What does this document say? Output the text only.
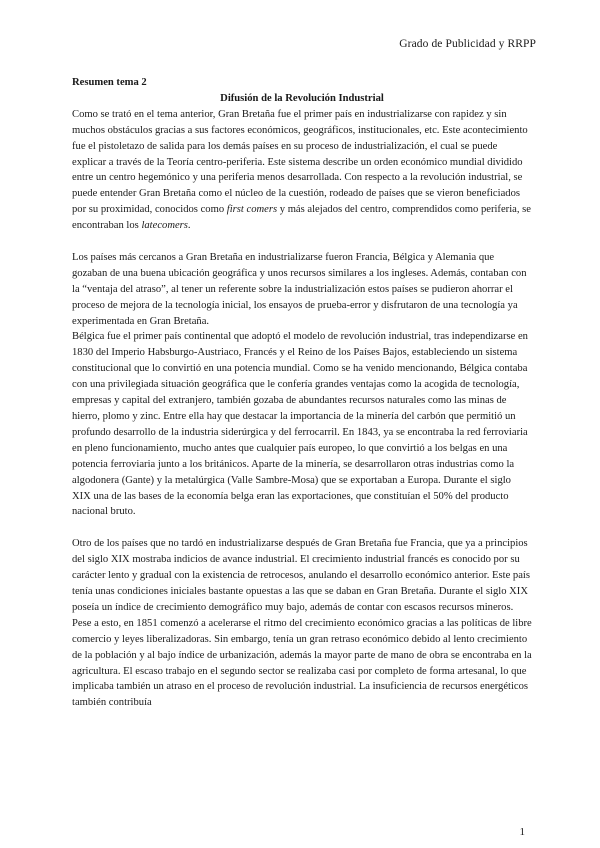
Grado de Publicidad y RRPP

Resumen tema 2

Difusión de la Revolución Industrial

Como se trató en el tema anterior, Gran Bretaña fue el primer país en industrializarse con rapidez y sin muchos obstáculos gracias a sus factores económicos, geográficos, institucionales, etc. Este acontecimiento fue el pistoletazo de salida para los demás países en su proceso de industrialización, el cual se puede explicar a través de la Teoría centro-periferia. Este sistema describe un orden económico mundial dividido entre un centro hegemónico y una periferia menos desarrollada. Con respecto a la revolución industrial, se puede entender Gran Bretaña como el núcleo de la cuestión, rodeado de países que se vieron beneficiados por su proximidad, conocidos como first comers y más alejados del centro, comprendidos como periferia, se encontraban los latecomers.

Los países más cercanos a Gran Bretaña en industrializarse fueron Francia, Bélgica y Alemania que gozaban de una buena ubicación geográfica y unos recursos similares a los ingleses. Además, contaban con la “ventaja del atraso”, al tener un referente sobre la industrialización estos países se pudieron ahorrar el proceso de mejora de la tecnología inicial, los ensayos de prueba-error y disfrutaron de una tecnología ya experimentada en Gran Bretaña.

Bélgica fue el primer país continental que adoptó el modelo de revolución industrial, tras independizarse en 1830 del Imperio Habsburgo-Austriaco, Francés y el Reino de los Países Bajos, estableciendo un sistema constitucional que lo convirtió en una potencia mundial. Como se ha venido mencionando, Bélgica contaba con una privilegiada situación geográfica que le confería grandes ventajas como la acogida de tecnología, empresas y capital del extranjero, también gozaba de abundantes recursos naturales como las minas de hierro, plomo y zinc. Entre ella hay que destacar la importancia de la minería del carbón que permitió un profundo desarrollo de la industria siderúrgica y del ferrocarril. En 1843, ya se encontraba la red ferroviaria en pleno funcionamiento, mucho antes que cualquier país europeo, lo que convirtió a los belgas en una potencia ferroviaria junto a los británicos. Aparte de la minería, se desarrollaron otras industrias como la algodonera (Gante) y la metalúrgica (Valle Sambre-Mosa) que se exportaban a Europa. Durante el siglo XIX una de las bases de la economía belga eran las exportaciones, que constituían el 50% del producto nacional bruto.

Otro de los países que no tardó en industrializarse después de Gran Bretaña fue Francia, que ya a principios del siglo XIX mostraba indicios de avance industrial. El crecimiento industrial francés es conocido por su carácter lento y gradual con la existencia de retrocesos, anulando el desarrollo económico anterior. Este país tenía unas condiciones iniciales bastante opuestas a las que se daban en Gran Bretaña. Durante el siglo XIX poseía un índice de crecimiento demográfico muy bajo, además de contar con escasos recursos mineros. Pese a esto, en 1851 comenzó a acelerarse el ritmo del crecimiento económico gracias a las políticas de libre comercio y leyes liberalizadoras. Sin embargo, tenía un gran retraso económico debido al lento crecimiento de la población y al bajo índice de urbanización, además la mayor parte de mano de obra se encontraba en la agricultura. El escaso trabajo en el segundo sector se realizaba casi por completo de forma artesanal, lo que implicaba también un atraso en el proceso de revolución industrial. La insuficiencia de recursos energéticos también contribuía

1
